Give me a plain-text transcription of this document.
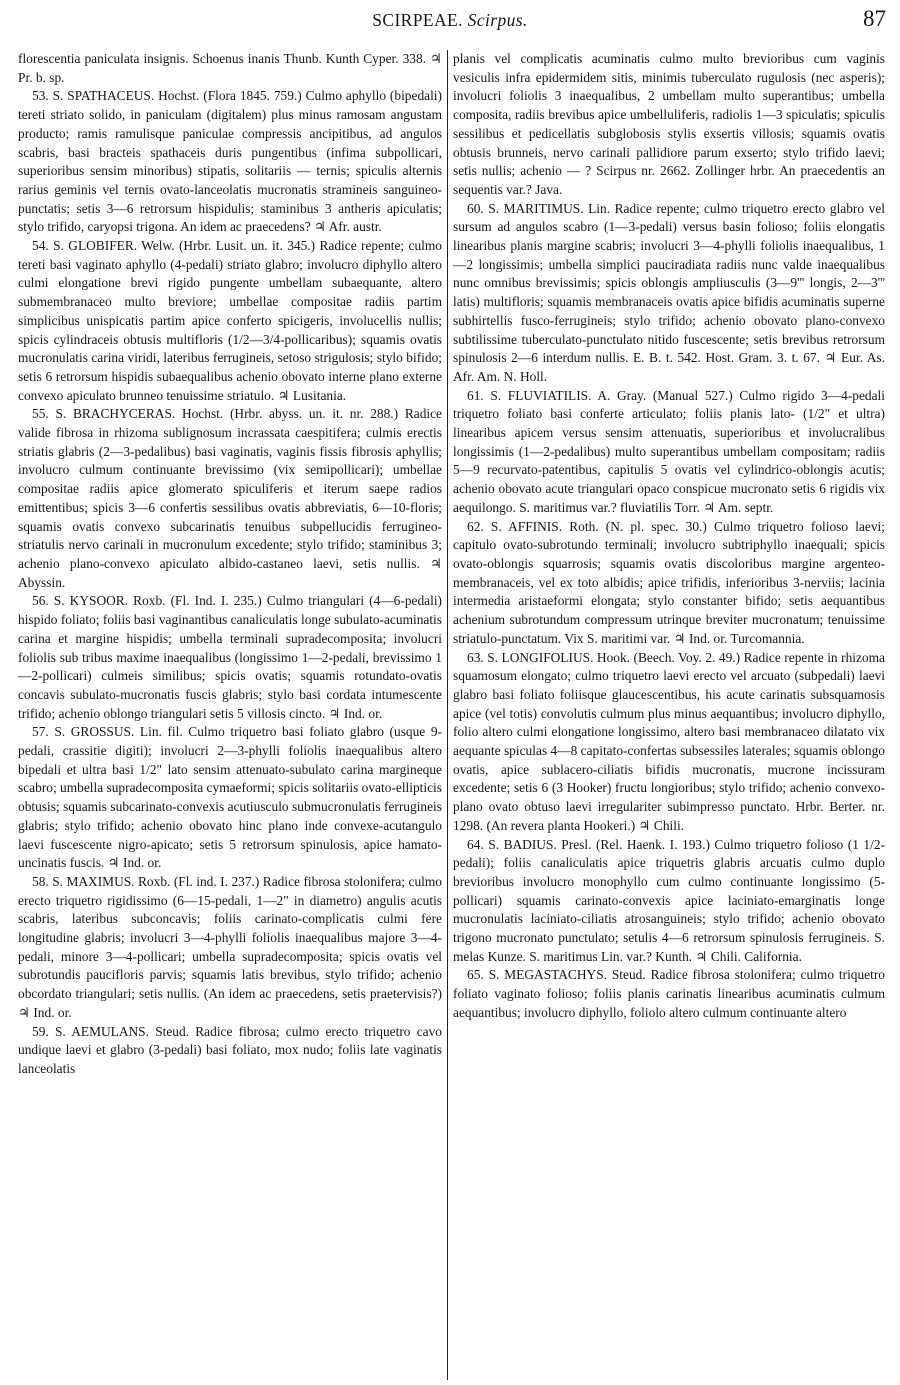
SCIRPEAE. Scirpus.	87

florescentia paniculata insignis. Schoenus inanis Thunb. Kunth Cyper. 338. ♃ Pr. b. sp.

53. S. SPATHACEUS. Hochst. (Flora 1845. 759.) Culmo aphyllo (bipedali) tereti striato solido, in paniculam (digitalem) plus minus ramosam angustam producto; ramis ramulisque paniculae compressis ancipitibus, ad angulos scabris, basi bracteis spathaceis duris pungentibus (infima subpollicari, superioribus sensim minoribus) stipatis, solitariis — ternis; spiculis alternis rarius geminis vel ternis ovato-lanceolatis mucronatis stramineis sanguineo-punctatis; setis 3—6 retrorsum hispidulis; staminibus 3 antheris apiculatis; stylo trifido, caryopsi trigona. An idem ac praecedens? ♃ Afr. austr.

54. S. GLOBIFER. Welw. (Hrbr. Lusit. un. it. 345.) Radice repente; culmo tereti basi vaginato aphyllo (4-pedali) striato glabro; involucro diphyllo altero culmi elongatione brevi rigido pungente umbellam subaequante, altero submembranaceo multo breviore; umbellae compositae radiis partim simplicibus unispicatis partim apice conferto spicigeris, involucellis nullis; spicis cylindraceis obtusis multifloris (1/2—3/4-pollicaribus); squamis ovatis mucronulatis carina viridi, lateribus ferrugineis, setoso strigulosis; stylo bifido; setis 6 retrorsum hispidis subaequalibus achenio obovato interne plano externe convexo apiculato brunneo tenuissime striatulo. ♃ Lusitania.

55. S. BRACHYCERAS. Hochst. (Hrbr. abyss. un. it. nr. 288.) Radice valide fibrosa in rhizoma sublignosum incrassata caespitifera; culmis erectis striatis glabris (2—3-pedalibus) basi vaginatis, vaginis fissis fibrosis aphyllis; involucro culmum continuante brevissimo (vix semipollicari); umbellae compositae radiis apice glomerato spiculiferis et iterum saepe radios emittentibus; spicis 3—6 confertis sessilibus ovatis abbreviatis, 6—10-floris; squamis ovatis convexo subcarinatis tenuibus subpellucidis ferrugineo-striatulis nervo carinali in mucronulum excedente; stylo trifido; staminibus 3; achenio plano-convexo apiculato albido-castaneo laevi, setis nullis. ♃ Abyssin.

56. S. KYSOOR. Roxb. (Fl. Ind. I. 235.) Culmo triangulari (4—6-pedali) hispido foliato; foliis basi vaginantibus canaliculatis longe subulato-acuminatis carina et margine hispidis; umbella terminali supradecomposita; involucri foliolis sub tribus maxime inaequalibus (longissimo 1—2-pedali, brevissimo 1—2-pollicari) culmeis similibus; spicis ovatis; squamis rotundato-ovatis concavis subulato-mucronatis fuscis glabris; stylo basi cordata intumescente trifido; achenio oblongo triangulari setis 5 villosis cincto. ♃ Ind. or.

57. S. GROSSUS. Lin. fil. Culmo triquetro basi foliato glabro (usque 9-pedali, crassitie digiti); involucri 2—3-phylli foliolis inaequalibus altero bipedali et ultra basi 1/2" lato sensim attenuato-subulato carina margineque scabro; umbella supradecomposita cymaeformi; spicis solitariis ovato-ellipticis obtusis; squamis subcarinato-convexis acutiusculo submucronulatis ferrugineis glabris; stylo trifido; achenio obovato hinc plano inde convexe-acutangulo laevi fuscescente nigro-apicato; setis 5 retrorsum spinulosis, apice hamato-uncinatis fuscis. ♃ Ind. or.

58. S. MAXIMUS. Roxb. (Fl. ind. I. 237.) Radice fibrosa stolonifera; culmo erecto triquetro rigidissimo (6—15-pedali, 1—2" in diametro) angulis acutis scabris, lateribus subconcavis; foliis carinato-complicatis culmi fere longitudine glabris; involucri 3—4-phylli foliolis inaequalibus majore 3—4-pedali, minore 3—4-pollicari; umbella supradecomposita; spicis ovatis vel subrotundis paucifloris parvis; squamis latis brevibus, stylo trifido; achenio obcordato triangulari; setis nullis. (An idem ac praecedens, setis praetervisis?) ♃ Ind. or.

59. S. AEMULANS. Steud. Radice fibrosa; culmo erecto triquetro cavo undique laevi et glabro (3-pedali) basi foliato, mox nudo; foliis late vaginatis lanceolatis

planis vel complicatis acuminatis culmo multo brevioribus cum vaginis vesiculis infra epidermidem sitis, minimis tuberculato rugulosis (nec asperis); involucri foliolis 3 inaequalibus, 2 umbellam multo superantibus; umbella composita, radiis brevibus apice umbelluliferis, radiolis 1—3 spiculatis; spiculis sessilibus et pedicellatis subglobosis stylis exsertis villosis; squamis ovatis obtusis brunneis, nervo carinali pallidiore parum exserto; stylo trifido laevi; setis nullis; achenio — ? Scirpus nr. 2662. Zollinger hrbr. An praecedentis an sequentis var.? Java.

60. S. MARITIMUS. Lin. Radice repente; culmo triquetro erecto glabro vel sursum ad angulos scabro (1—3-pedali) versus basin folioso; foliis elongatis linearibus planis margine scabris; involucri 3—4-phylli foliolis inaequalibus, 1—2 longissimis; umbella simplici pauciradiata radiis nunc valde inaequalibus nunc omnibus brevissimis; spicis oblongis ampliusculis (3—9''' longis, 2—3''' latis) multifloris; squamis membranaceis ovatis apice bifidis acuminatis superne subhirtellis fusco-ferrugineis; stylo trifido; achenio obovato plano-convexo subtilissime tuberculato-punctulato nitido fuscescente; setis brevibus retrorsum spinulosis 2—6 interdum nullis. E. B. t. 542. Host. Gram. 3. t. 67. ♃ Eur. As. Afr. Am. N. Holl.

61. S. FLUVIATILIS. A. Gray. (Manual 527.) Culmo rigido 3—4-pedali triquetro foliato basi conferte articulato; foliis planis lato- (1/2" et ultra) linearibus apicem versus sensim attenuatis, superioribus et involucralibus longissimis (1—2-pedalibus) multo superantibus umbellam compositam; radiis 5—9 recurvato-patentibus, capitulis 5 ovatis vel cylindrico-oblongis acutis; achenio obovato acute triangulari opaco conspicue mucronato setis 6 rigidis vix aequilongo. S. maritimus var.? fluviatilis Torr. ♃ Am. septr.

62. S. AFFINIS. Roth. (N. pl. spec. 30.) Culmo triquetro folioso laevi; capitulo ovato-subrotundo terminali; involucro subtriphyllo inaequali; spicis ovato-oblongis squarrosis; squamis ovatis discoloribus margine argenteo-membranaceis, vel ex toto albidis; apice trifidis, inferioribus 3-nerviis; lacinia intermedia aristaeformi elongata; stylo constanter bifido; setis aequantibus achenium subrotundum compressum utrinque breviter mucronatum; tenuissime striatulo-punctatum. Vix S. maritimi var. ♃ Ind. or. Turcomannia.

63. S. LONGIFOLIUS. Hook. (Beech. Voy. 2. 49.) Radice repente in rhizoma squamosum elongato; culmo triquetro laevi erecto vel arcuato (subpedali) laevi glabro basi foliato foliisque glaucescentibus, his acute carinatis subsquamosis apice (vel totis) convolutis culmum plus minus aequantibus; involucro diphyllo, folio altero culmi elongatione longissimo, altero basi membranaceo dilatato vix aequante spiculas 4—8 capitato-confertas subsessiles laterales; squamis oblongo ovatis, apice sublacero-ciliatis bifidis mucronatis, mucrone incissuram excedente; setis 6 (3 Hooker) fructu longioribus; stylo trifido; achenio convexo-plano ovato obtuso laevi irregulariter subimpresso punctato. Hrbr. Berter. nr. 1298. (An revera planta Hookeri.) ♃ Chili.

64. S. BADIUS. Presl. (Rel. Haenk. I. 193.) Culmo triquetro folioso (1 1/2-pedali); foliis canaliculatis apice triquetris glabris arcuatis culmo duplo brevioribus involucro monophyllo cum culmo continuante longissimo (5-pollicari) squamis carinato-convexis apice laciniato-emarginatis longe mucronulatis laciniato-ciliatis atrosanguineis; stylo trifido; achenio obovato trigono mucronato punctulato; setulis 4—6 retrorsum spinulosis ferrugineis. S. melas Kunze. S. maritimus Lin. var.? Kunth. ♃ Chili. California.

65. S. MEGASTACHYS. Steud. Radice fibrosa stolonifera; culmo triquetro foliato vaginato folioso; foliis planis carinatis linearibus acuminatis culmum aequantibus; involucro diphyllo, foliolo altero culmum continuante altero
